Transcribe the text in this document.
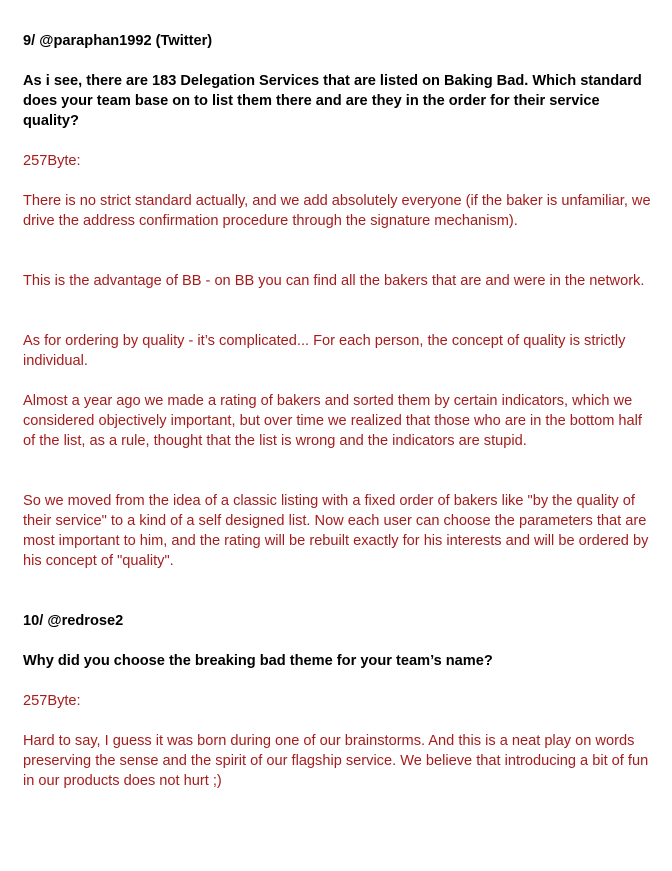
9/ @paraphan1992 (Twitter)

As i see, there are 183 Delegation Services that are listed on Baking Bad. Which standard does your team base on to list them there and are they in the order for their service quality?

257Byte:

There is no strict standard actually, and we add absolutely everyone (if the baker is unfamiliar, we drive the address confirmation procedure through the signature mechanism).

This is the advantage of BB - on BB you can find all the bakers that are and were in the network.

As for ordering by quality - it’s complicated... For each person, the concept of quality is strictly individual.

Almost a year ago we made a rating of bakers and sorted them by certain indicators, which we considered objectively important, but over time we realized that those who are in the bottom half of the list, as a rule, thought that the list is wrong and the indicators are stupid.

So we moved from the idea of a classic listing with a fixed order of bakers like "by the quality of their service" to a kind of a self designed list. Now each user can choose the parameters that are most important to him, and the rating will be rebuilt exactly for his interests and will be ordered by his concept of "quality".

10/ @redrose2

Why did you choose the breaking bad theme for your team’s name?

257Byte:

Hard to say, I guess it was born during one of our brainstorms. And this is a neat play on words preserving the sense and the spirit of our flagship service. We believe that introducing a bit of fun in our products does not hurt ;)
